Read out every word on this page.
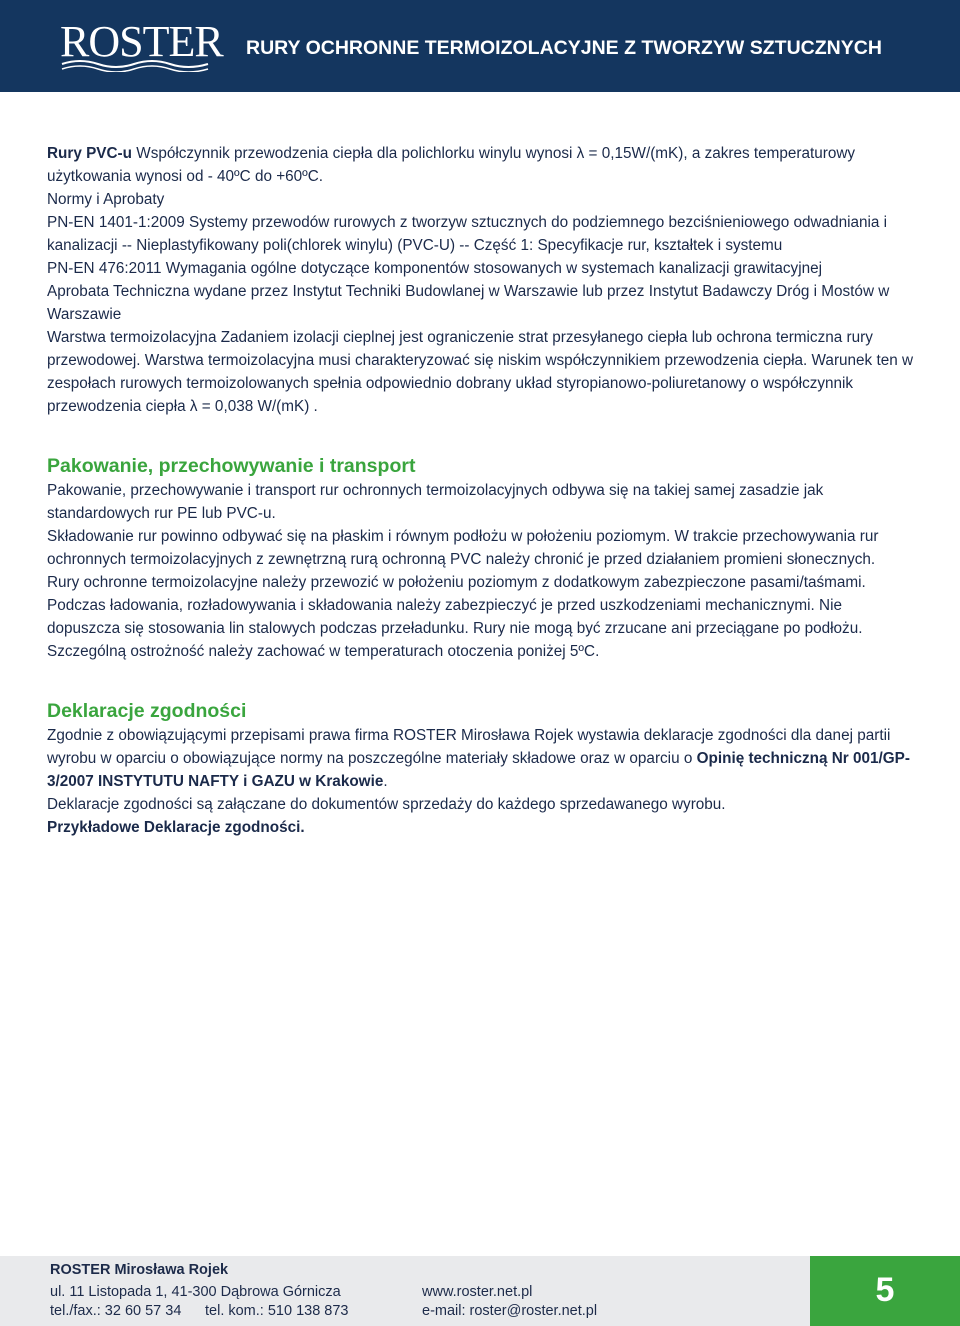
ROSTER RURY OCHRONNE TERMOIZOLACYJNE Z TWORZYW SZTUCZNYCH

Rury PVC-u Współczynnik przewodzenia ciepła dla polichlorku winylu wynosi λ = 0,15W/(mK), a zakres temperaturowy użytkowania wynosi od - 40ºC do +60ºC.

Normy i Aprobaty

PN-EN 1401-1:2009 Systemy przewodów rurowych z tworzyw sztucznych do podziemnego bezciśnieniowego odwadniania i kanalizacji -- Nieplastyfikowany poli(chlorek winylu) (PVC-U) -- Część 1: Specyfikacje rur, kształtek i systemu

PN-EN 476:2011 Wymagania ogólne dotyczące komponentów stosowanych w systemach kanalizacji grawitacyjnej

Aprobata Techniczna wydane przez Instytut Techniki Budowlanej w Warszawie lub przez Instytut Badawczy Dróg i Mostów w Warszawie

Warstwa termoizolacyjna Zadaniem izolacji cieplnej jest ograniczenie strat przesyłanego ciepła lub ochrona termiczna rury przewodowej. Warstwa termoizolacyjna musi charakteryzować się niskim współczynnikiem przewodzenia ciepła. Warunek ten w zespołach rurowych termoizolowanych spełnia odpowiednio dobrany układ styropianowo-poliuretanowy o współczynnik przewodzenia ciepła λ = 0,038 W/(mK) .

Pakowanie, przechowywanie i transport

Pakowanie, przechowywanie i transport rur ochronnych termoizolacyjnych odbywa się na takiej samej zasadzie jak standardowych rur PE lub PVC-u.

Składowanie rur powinno odbywać się na płaskim i równym podłożu w położeniu poziomym. W trakcie przechowywania rur ochronnych termoizolacyjnych z zewnętrzną rurą ochronną PVC należy chronić je przed działaniem promieni słonecznych.

Rury ochronne termoizolacyjne należy przewozić w położeniu poziomym z dodatkowym zabezpieczone pasami/taśmami. Podczas ładowania, rozładowywania i składowania należy zabezpieczyć je przed uszkodzeniami mechanicznymi. Nie dopuszcza się stosowania lin stalowych podczas przeładunku. Rury nie mogą być zrzucane ani przeciągane po podłożu. Szczególną ostrożność należy zachować w temperaturach otoczenia poniżej 5ºC.

Deklaracje zgodności

Zgodnie z obowiązującymi przepisami prawa firma ROSTER Mirosława Rojek wystawia deklaracje zgodności dla danej partii wyrobu w oparciu o obowiązujące normy na poszczególne materiały składowe oraz w oparciu o Opinię techniczną Nr 001/GP-3/2007 INSTYTUTU NAFTY i GAZU w Krakowie.

Deklaracje zgodności są załączane do dokumentów sprzedaży do każdego sprzedawanego wyrobu.

Przykładowe Deklaracje zgodności.

ROSTER Mirosława Rojek
ul. 11 Listopada 1, 41-300 Dąbrowa Górnicza
tel./fax.: 32 60 57 34 tel. kom.: 510 138 873
www.roster.net.pl
e-mail: roster@roster.net.pl
5
